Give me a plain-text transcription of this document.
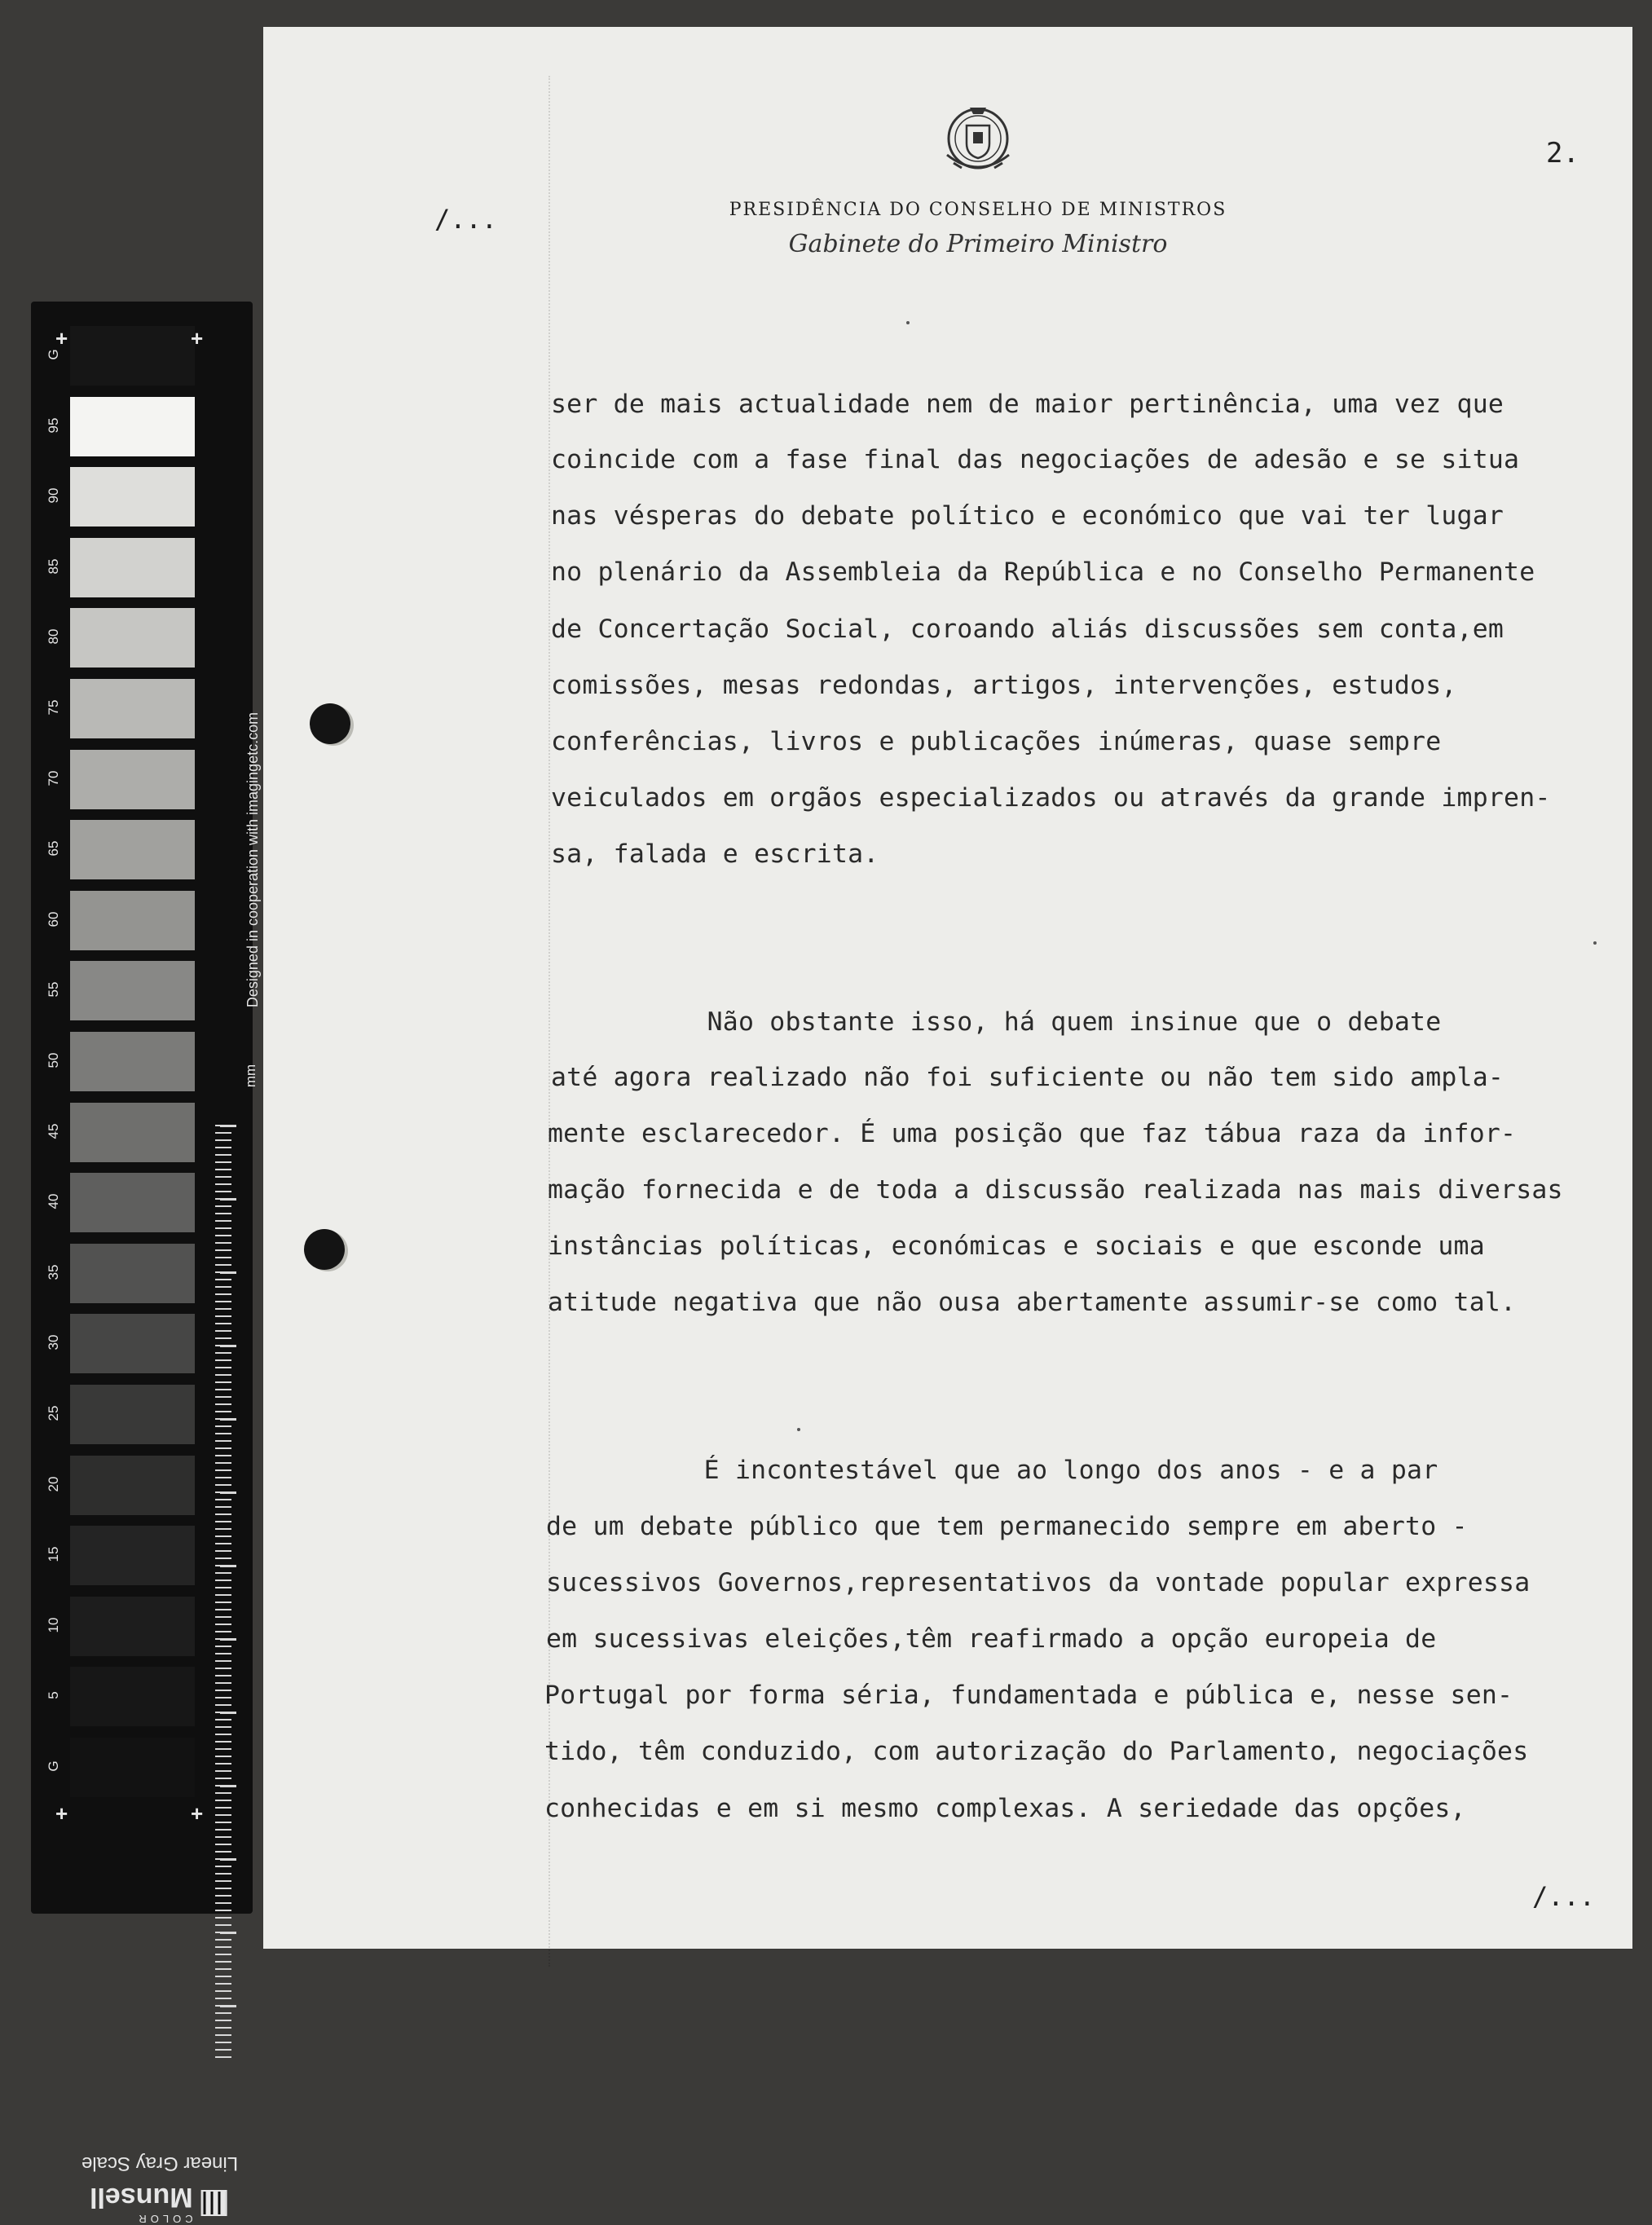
G
95
90
85
80
75
70
65
60
55
50
45
40
35
30
25
20
15
10
5
G
+	+
+	+
mm
Designed in cooperation with imagingetc.com
Linear Gray Scale
COLOR
Munsell
PRESIDÊNCIA DO CONSELHO DE MINISTROS
Gabinete do Primeiro Ministro
2.
/...
/...
ser de mais actualidade nem de maior pertinência, uma vez que
coincide com a fase final das negociações de adesão e se situa
nas vésperas do debate político e económico que vai ter lugar
no plenário da Assembleia da República e no Conselho Permanente
de Concertação Social, coroando aliás discussões sem conta,em
comissões, mesas redondas, artigos, intervenções, estudos,
conferências, livros e publicações inúmeras, quase sempre
veiculados em orgãos especializados ou através da grande impren-
sa, falada e escrita.
Não obstante isso, há quem insinue que o debate
até agora realizado não foi suficiente ou não tem sido ampla-
mente esclarecedor. É uma posição que faz tábua raza da infor-
mação fornecida e de toda a discussão realizada nas mais diversas
instâncias políticas, económicas e sociais e que esconde uma
atitude negativa que não ousa abertamente assumir-se como tal.
É incontestável que ao longo dos anos - e a par
de um debate público que tem permanecido sempre em aberto -
sucessivos Governos,representativos da vontade popular expressa
em sucessivas eleições,têm reafirmado a opção europeia de
Portugal por forma séria, fundamentada e pública e, nesse sen-
tido, têm conduzido, com autorização do Parlamento, negociações
conhecidas e em si mesmo complexas. A seriedade das opções,
